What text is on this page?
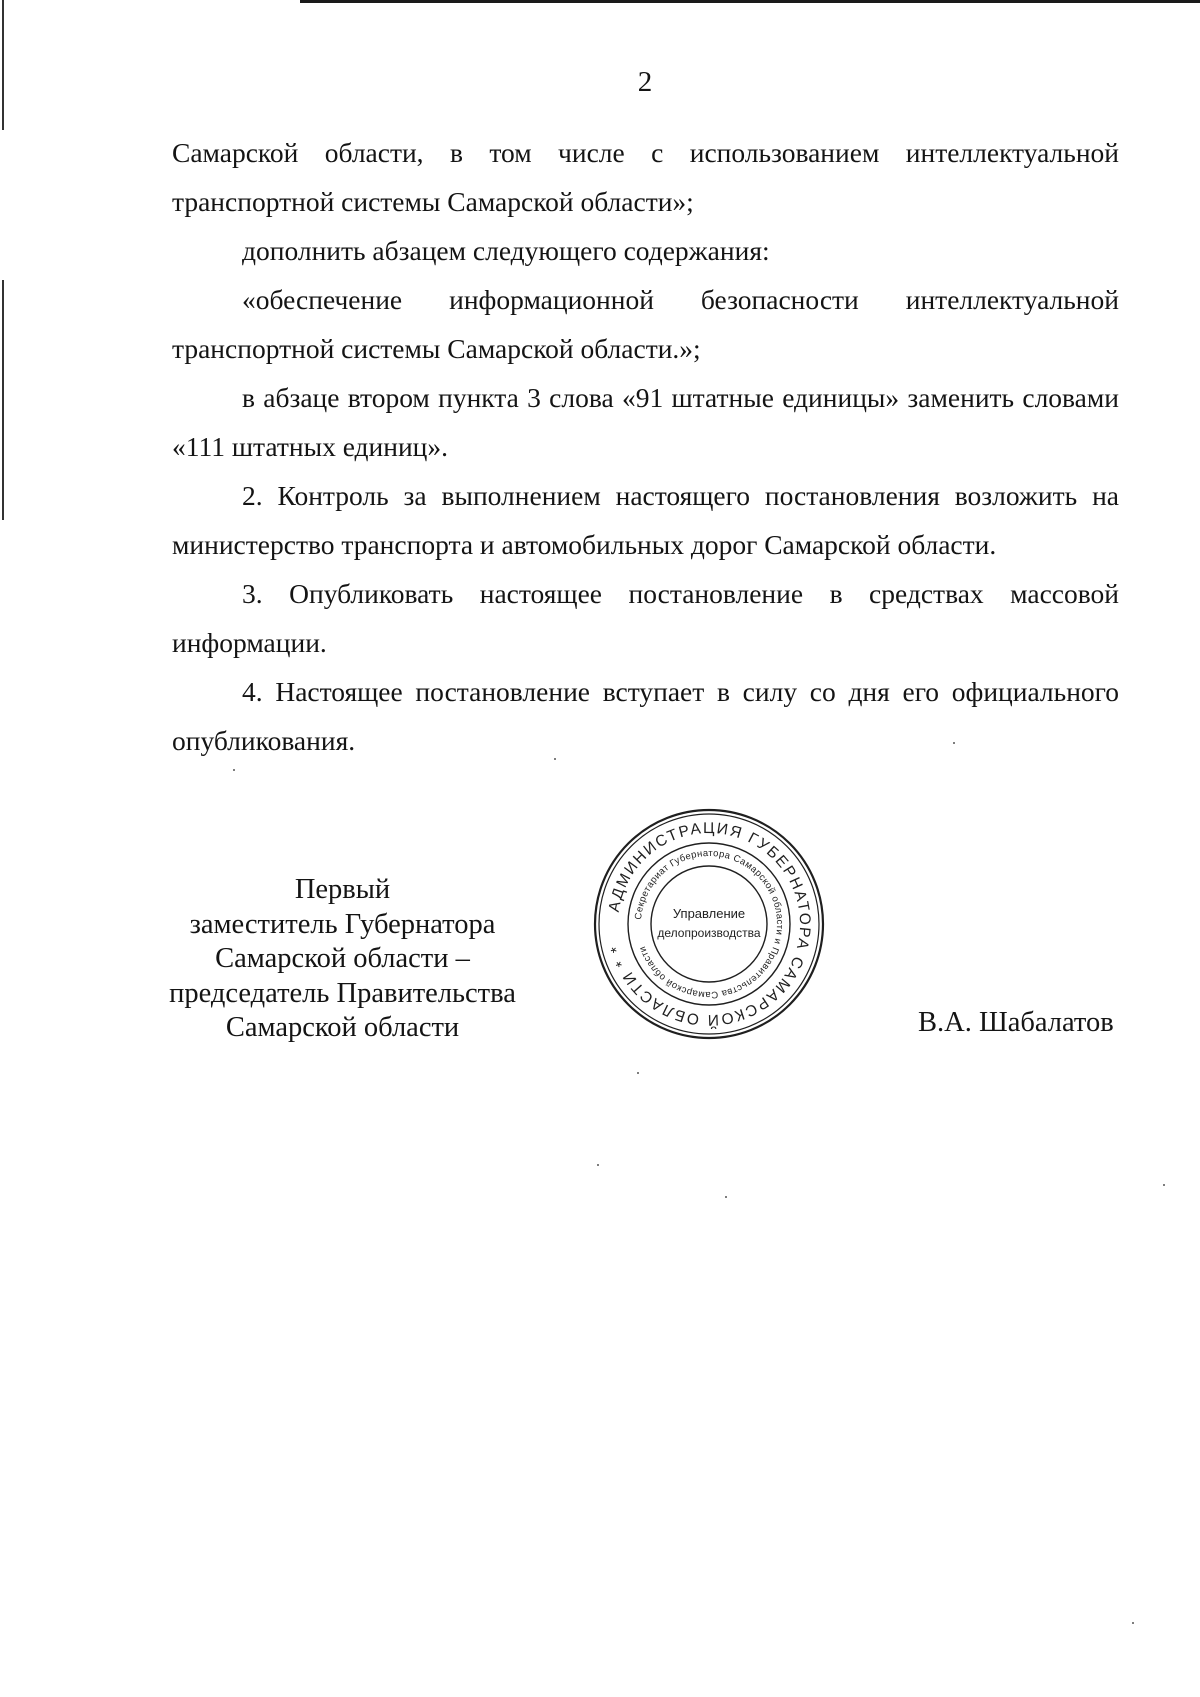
2

Самарской области, в том числе с использованием интеллектуальной транспортной системы Самарской области»;

дополнить абзацем следующего содержания:

«обеспечение информационной безопасности интеллектуальной транспортной системы Самарской области.»;

в абзаце втором пункта 3 слова «91 штатные единицы» заменить словами «111 штатных единиц».

2. Контроль за выполнением настоящего постановления возложить на министерство транспорта и автомобильных дорог Самарской области.

3. Опубликовать настоящее постановление в средствах массовой информации.

4. Настоящее постановление вступает в силу со дня его официального опубликования.

Первый
заместитель Губернатора
Самарской области –
председатель Правительства
Самарской области
АДМИНИСТРАЦИЯ ГУБЕРНАТОРА САМАРСКОЙ ОБЛАСТИ * *
Секретариат Губернатора Самарской области и Правительства Самарской области
Управление
делопроизводства
В.А. Шабалатов
